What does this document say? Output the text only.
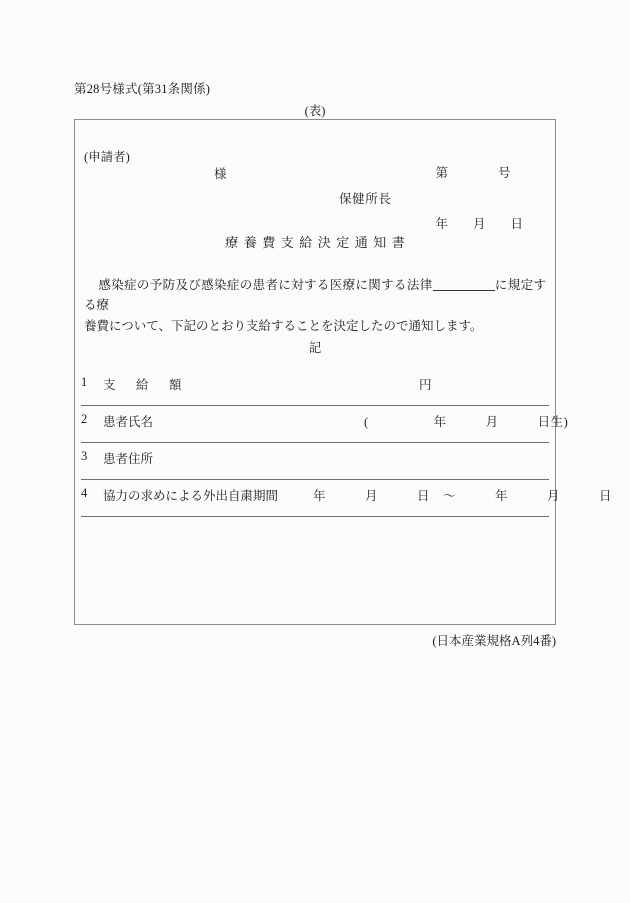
第28号様式(第31条関係)
(表)
(申請者)
様
保健所長

第　　　　号

年　　月　　日

療養費支給決定通知書
感染症の予防及び感染症の患者に対する医療に関する法律	に規定する療
養費について、下記のとおり支給することを決定したので通知します。
記
1 支　給　額	円
2 患者氏名	(　　　　　年　　　月　　　日生)
3 患者住所
4 協力の求めによる外出自粛期間	年　　　月　　　日　～　　　年　　　月　　　日
(日本産業規格A列4番)
